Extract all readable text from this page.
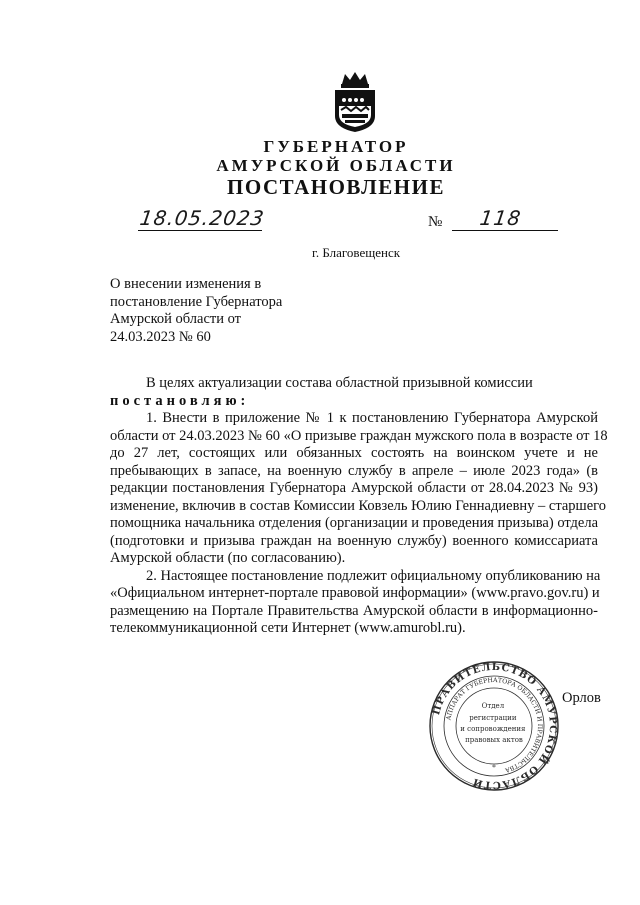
ГУБЕРНАТОР
АМУРСКОЙ ОБЛАСТИ
ПОСТАНОВЛЕНИЕ
18.05.2023	№ 118
г. Благовещенск
О внесении изменения в
постановление Губернатора
Амурской области от
24.03.2023 № 60
В целях актуализации состава областной призывной комиссии
постановляю:
1. Внести в приложение № 1 к постановлению Губернатора Амурской
области от 24.03.2023 № 60 «О призыве граждан мужского пола в возрасте от 18
до 27 лет, состоящих или обязанных состоять на воинском учете и не
пребывающих в запасе, на военную службу в апреле – июле 2023 года» (в
редакции постановления Губернатора Амурской области от 28.04.2023 № 93)
изменение, включив в состав Комиссии Ковзель Юлию Геннадиевну – старшего
помощника начальника отделения (организации и проведения призыва) отдела
(подготовки и призыва граждан на военную службу) военного комиссариата
Амурской области (по согласованию).
2. Настоящее постановление подлежит официальному опубликованию на
«Официальном интернет-портале правовой информации» (www.pravo.gov.ru) и
размещению на Портале Правительства Амурской области в информационно-
телекоммуникационной сети Интернет (www.amurobl.ru).
ПРАВИТЕЛЬСТВО АМУРСКОЙ ОБЛАСТИ
АППАРАТ ГУБЕРНАТОРА ОБЛАСТИ И ПРАВИТЕЛЬСТВА
Отдел регистрации и сопровождения правовых актов
*
Орлов
